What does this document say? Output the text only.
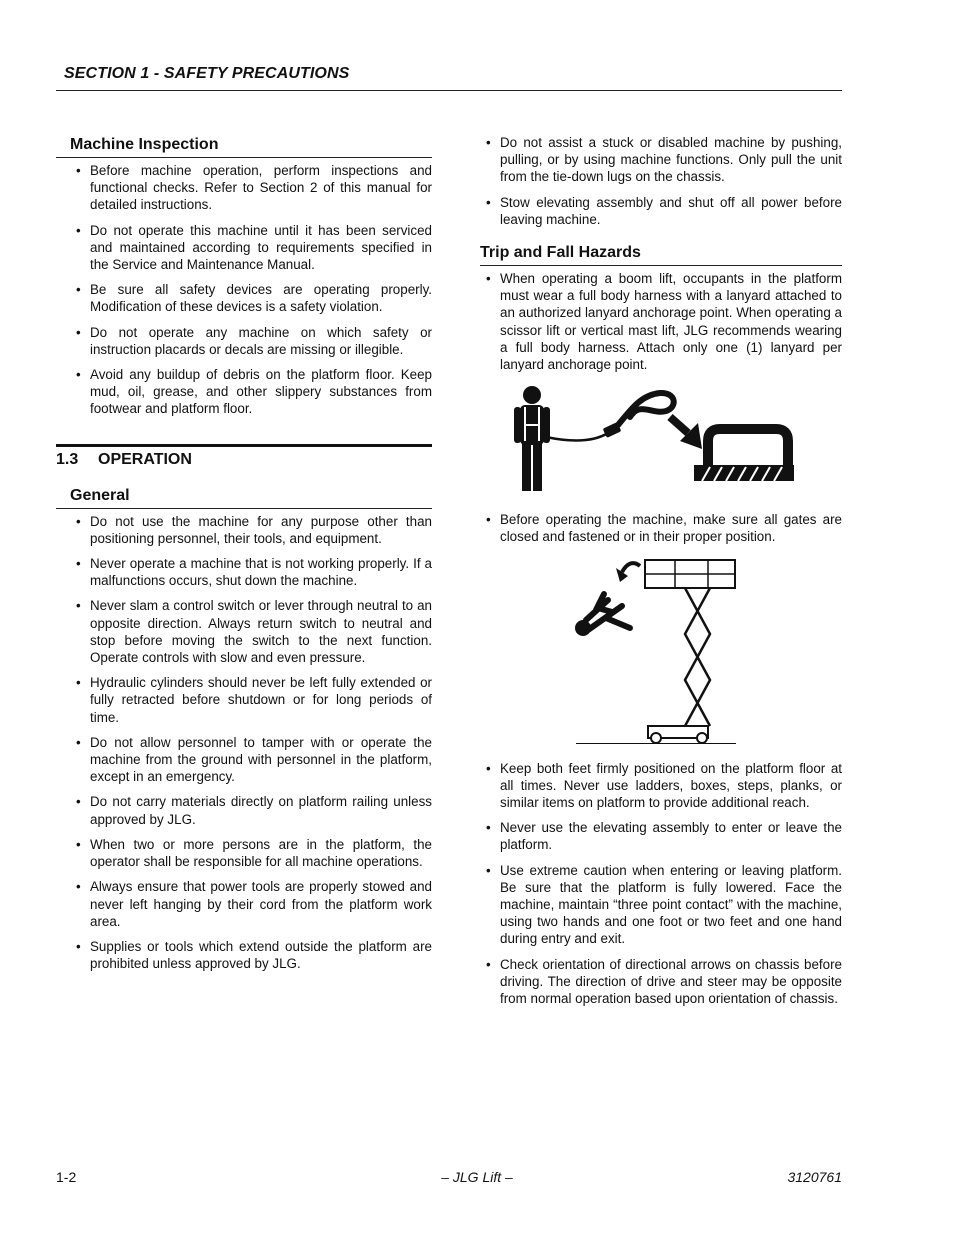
SECTION 1 - SAFETY PRECAUTIONS
Machine Inspection
• Before machine operation, perform inspections and functional checks. Refer to Section 2 of this manual for detailed instructions.
• Do not operate this machine until it has been serviced and maintained according to requirements specified in the Service and Maintenance Manual.
• Be sure all safety devices are operating properly. Modification of these devices is a safety violation.
• Do not operate any machine on which safety or instruction placards or decals are missing or illegible.
• Avoid any buildup of debris on the platform floor. Keep mud, oil, grease, and other slippery substances from footwear and platform floor.
1.3 OPERATION
General
• Do not use the machine for any purpose other than positioning personnel, their tools, and equipment.
• Never operate a machine that is not working properly. If a malfunctions occurs, shut down the machine.
• Never slam a control switch or lever through neutral to an opposite direction. Always return switch to neutral and stop before moving the switch to the next function. Operate controls with slow and even pressure.
• Hydraulic cylinders should never be left fully extended or fully retracted before shutdown or for long periods of time.
• Do not allow personnel to tamper with or operate the machine from the ground with personnel in the platform, except in an emergency.
• Do not carry materials directly on platform railing unless approved by JLG.
• When two or more persons are in the platform, the operator shall be responsible for all machine operations.
• Always ensure that power tools are properly stowed and never left hanging by their cord from the platform work area.
• Supplies or tools which extend outside the platform are prohibited unless approved by JLG.
• Do not assist a stuck or disabled machine by pushing, pulling, or by using machine functions. Only pull the unit from the tie-down lugs on the chassis.
• Stow elevating assembly and shut off all power before leaving machine.
Trip and Fall Hazards
• When operating a boom lift, occupants in the platform must wear a full body harness with a lanyard attached to an authorized lanyard anchorage point. When operating a scissor lift or vertical mast lift, JLG recommends wearing a full body harness. Attach only one (1) lanyard per lanyard anchorage point.
• Before operating the machine, make sure all gates are closed and fastened or in their proper position.
• Keep both feet firmly positioned on the platform floor at all times. Never use ladders, boxes, steps, planks, or similar items on platform to provide additional reach.
• Never use the elevating assembly to enter or leave the platform.
• Use extreme caution when entering or leaving platform. Be sure that the platform is fully lowered. Face the machine, maintain “three point contact” with the machine, using two hands and one foot or two feet and one hand during entry and exit.
• Check orientation of directional arrows on chassis before driving. The direction of drive and steer may be opposite from normal operation based upon orientation of chassis.
1-2	– JLG Lift –	3120761
